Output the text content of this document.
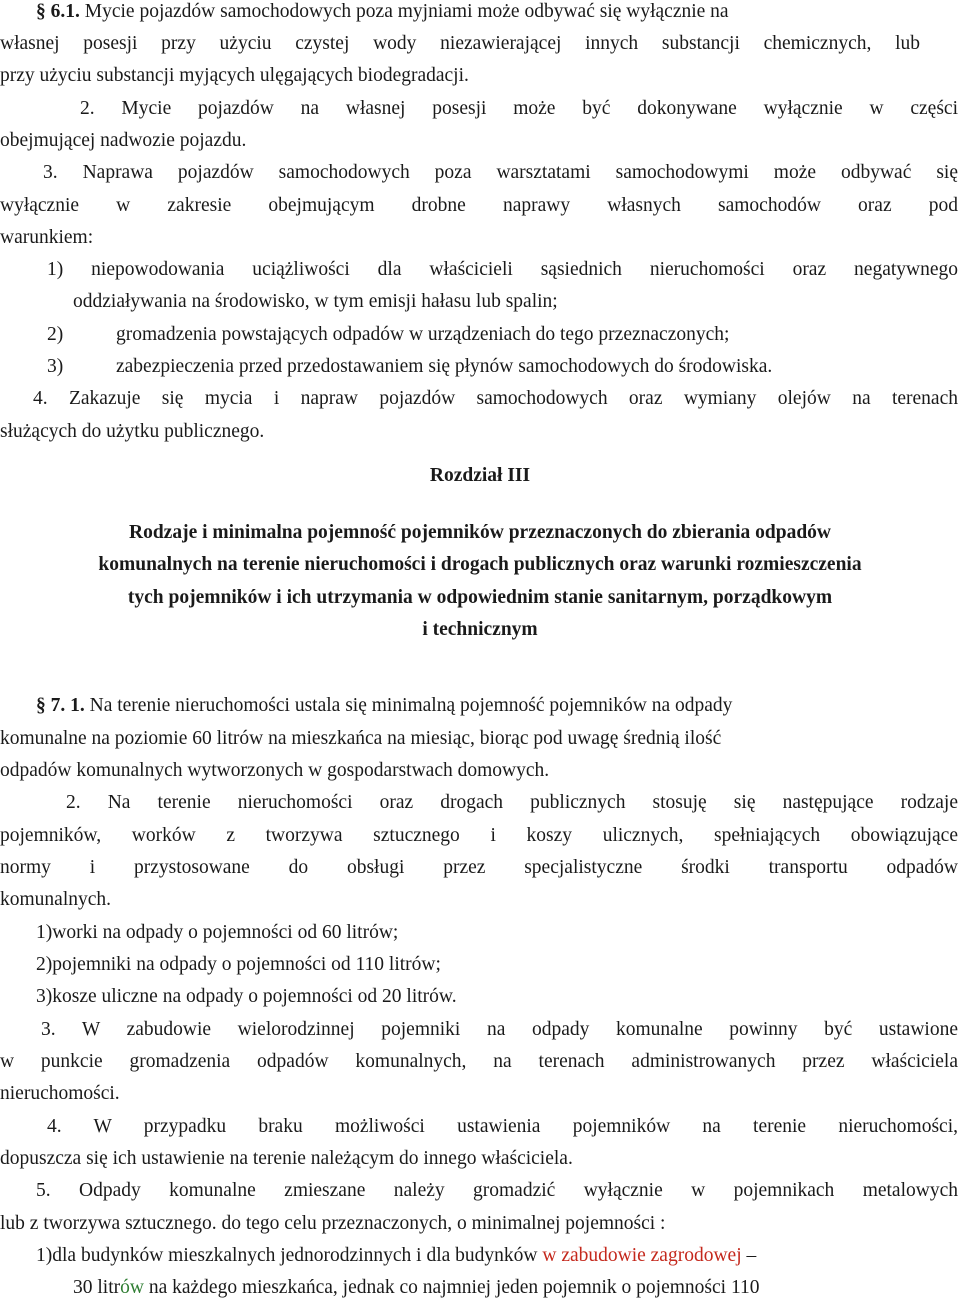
§ 6.1. Mycie pojazdów samochodowych poza myjniami może odbywać się wyłącznie na
własnej posesji przy użyciu czystej wody niezawierającej innych substancji chemicznych, lub
przy użyciu substancji myjących ulęgających biodegradacji.
2. Mycie pojazdów na własnej posesji może być dokonywane wyłącznie w części
obejmującej nadwozie pojazdu.
3. Naprawa pojazdów samochodowych poza warsztatami samochodowymi może odbywać się
wyłącznie w zakresie obejmującym drobne naprawy własnych samochodów oraz pod
warunkiem:
1) niepowodowania uciążliwości dla właścicieli sąsiednich nieruchomości oraz negatywnego
oddziaływania na środowisko, w tym emisji hałasu lub spalin;
2)	gromadzenia powstających odpadów w urządzeniach do tego przeznaczonych;
3)	zabezpieczenia przed przedostawaniem się płynów samochodowych do środowiska.
4. Zakazuje się mycia i napraw pojazdów samochodowych oraz wymiany olejów na terenach
służących do użytku publicznego.
Rozdział III
Rodzaje i minimalna pojemność pojemników przeznaczonych do zbierania odpadów
komunalnych na terenie nieruchomości i drogach publicznych oraz warunki rozmieszczenia
tych pojemników i ich utrzymania w odpowiednim stanie sanitarnym, porządkowym
i technicznym
§ 7. 1. Na terenie nieruchomości ustala się minimalną pojemność pojemników na odpady
komunalne na poziomie 60 litrów na mieszkańca na miesiąc, biorąc pod uwagę średnią ilość
odpadów komunalnych wytworzonych w gospodarstwach domowych.
2. Na terenie nieruchomości oraz drogach publicznych stosuję się następujące rodzaje
pojemników, worków z tworzywa sztucznego i koszy ulicznych, spełniających obowiązujące
normy i przystosowane do obsługi przez specjalistyczne środki transportu odpadów
komunalnych.
1)worki na odpady o pojemności od 60 litrów;
2)pojemniki na odpady o pojemności od 110 litrów;
3)kosze uliczne na odpady o pojemności od 20 litrów.
3. W zabudowie wielorodzinnej pojemniki na odpady komunalne powinny być ustawione
w punkcie gromadzenia odpadów komunalnych, na terenach administrowanych przez właściciela
nieruchomości.
4. W przypadku braku możliwości ustawienia pojemników na terenie nieruchomości,
dopuszcza się ich ustawienie na terenie należącym do innego właściciela.
5. Odpady komunalne zmieszane należy gromadzić wyłącznie w pojemnikach metalowych
lub z tworzywa sztucznego. do tego celu przeznaczonych, o minimalnej pojemności :
1)dla budynków mieszkalnych jednorodzinnych i dla budynków w zabudowie zagrodowej –
30 litrów na każdego mieszkańca, jednak co najmniej jeden pojemnik o pojemności 110
